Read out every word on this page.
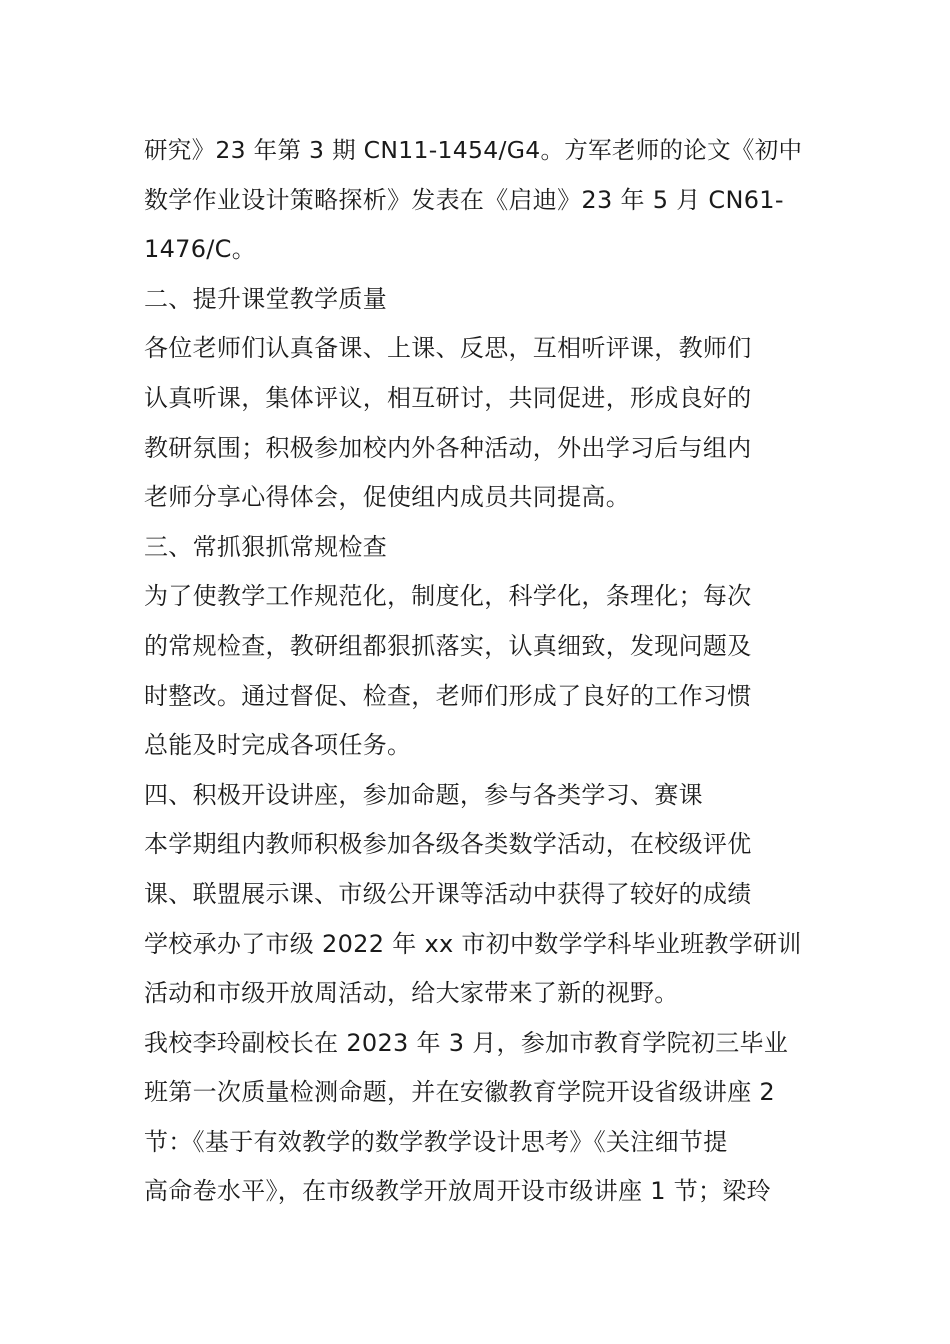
研究》23 年第 3 期 CN11-1454/G4。方军老师的论文《初中
数学作业设计策略探析》发表在《启迪》23 年 5 月 CN61-
1476/C。
二、提升课堂教学质量
各位老师们认真备课、上课、反思，互相听评课，教师们
认真听课，集体评议，相互研讨，共同促进，形成良好的
教研氛围；积极参加校内外各种活动，外出学习后与组内
老师分享心得体会，促使组内成员共同提高。
三、常抓狠抓常规检查
为了使教学工作规范化，制度化，科学化，条理化；每次
的常规检查，教研组都狠抓落实，认真细致，发现问题及
时整改。通过督促、检查，老师们形成了良好的工作习惯
总能及时完成各项任务。
四、积极开设讲座，参加命题，参与各类学习、赛课
本学期组内教师积极参加各级各类数学活动，在校级评优
课、联盟展示课、市级公开课等活动中获得了较好的成绩
学校承办了市级 2022 年 xx 市初中数学学科毕业班教学研训
活动和市级开放周活动，给大家带来了新的视野。
我校李玲副校长在 2023 年 3 月，参加市教育学院初三毕业
班第一次质量检测命题，并在安徽教育学院开设省级讲座 2
节：《基于有效教学的数学教学设计思考》《关注细节提
高命卷水平》，在市级教学开放周开设市级讲座 1 节；梁玲
